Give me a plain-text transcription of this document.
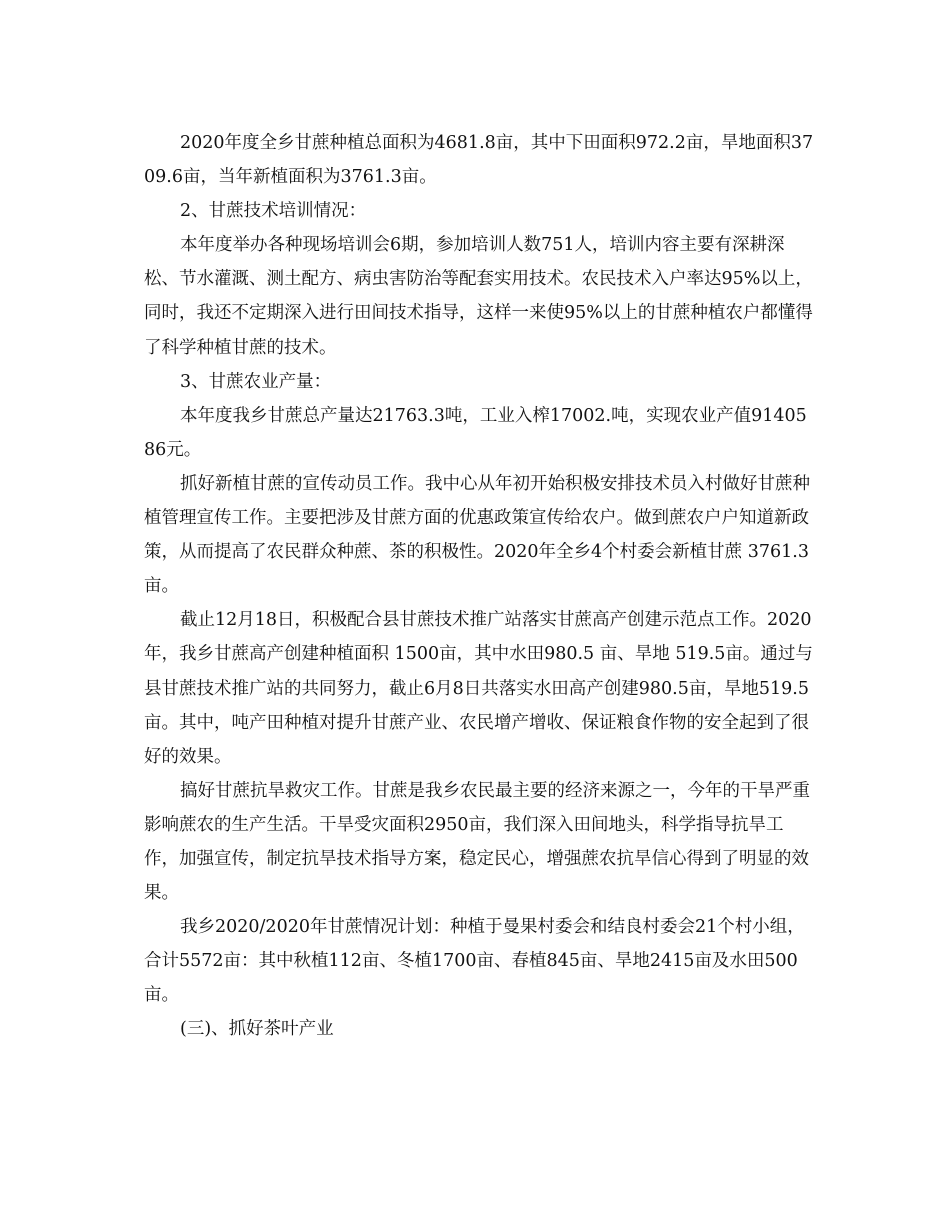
2020年度全乡甘蔗种植总面积为4681.8亩，其中下田面积972.2亩，旱地面积3709.6亩，当年新植面积为3761.3亩。

2、甘蔗技术培训情况：

本年度举办各种现场培训会6期，参加培训人数751人，培训内容主要有深耕深松、节水灌溉、测土配方、病虫害防治等配套实用技术。农民技术入户率达95%以上，同时，我还不定期深入进行田间技术指导，这样一来使95%以上的甘蔗种植农户都懂得了科学种植甘蔗的技术。

3、甘蔗农业产量：

本年度我乡甘蔗总产量达21763.3吨，工业入榨17002.吨，实现农业产值9140586元。

抓好新植甘蔗的宣传动员工作。我中心从年初开始积极安排技术员入村做好甘蔗种植管理宣传工作。主要把涉及甘蔗方面的优惠政策宣传给农户。做到蔗农户户知道新政策，从而提高了农民群众种蔗、茶的积极性。2020年全乡4个村委会新植甘蔗 3761.3亩。

截止12月18日，积极配合县甘蔗技术推广站落实甘蔗高产创建示范点工作。2020年，我乡甘蔗高产创建种植面积 1500亩，其中水田980.5 亩、旱地 519.5亩。通过与县甘蔗技术推广站的共同努力，截止6月8日共落实水田高产创建980.5亩，旱地519.5亩。其中，吨产田种植对提升甘蔗产业、农民增产增收、保证粮食作物的安全起到了很好的效果。

搞好甘蔗抗旱救灾工作。甘蔗是我乡农民最主要的经济来源之一，今年的干旱严重影响蔗农的生产生活。干旱受灾面积2950亩，我们深入田间地头，科学指导抗旱工作，加强宣传，制定抗旱技术指导方案，稳定民心，增强蔗农抗旱信心得到了明显的效果。

我乡2020/2020年甘蔗情况计划：种植于曼果村委会和结良村委会21个村小组，合计5572亩：其中秋植112亩、冬植1700亩、春植845亩、旱地2415亩及水田500亩。

(三)、抓好茶叶产业
